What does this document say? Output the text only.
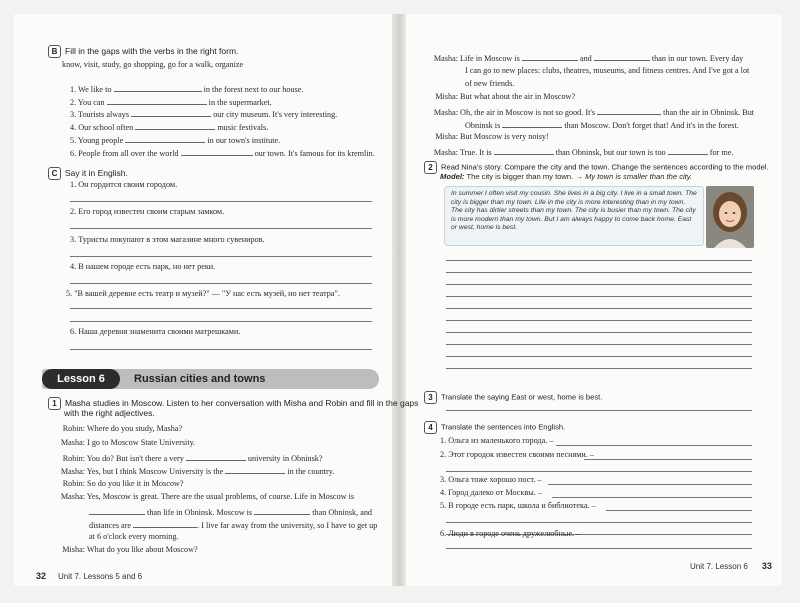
B Fill in the gaps with the verbs in the right form.
know, visit, study, go shopping, go for a walk, organize
1. We like to	in the forest next to our house.
2. You can	in the supermarket.
3. Tourists always	our city museum. It's very interesting.
4. Our school often	music festivals.
5. Young people	in our town's institute.
6. People from all over the world	our town. It's famous for its kremlin.
C Say it in English.
1. Он гордится своим городом.
2. Его город известен своим старым замком.
3. Туристы покупают в этом магазине много сувениров.
4. В нашем городе есть парк, но нет реки.
5. "В вашей деревне есть театр и музей?" — "У нас есть музей, но нет театра".
6. Наша деревня знаменита своими матрешками.
Lesson 6	Russian cities and towns
1 Masha studies in Moscow. Listen to her conversation with Misha and Robin and fill in the gaps
with the right adjectives.
Robin: Where do you study, Masha?
Masha: I go to Moscow State University.
Robin: You do? But isn't there a very	university in Obninsk?
Masha: Yes, but I think Moscow University is the	in the country.
Robin: So do you like it in Moscow?
Masha: Yes, Moscow is great. There are the usual problems, of course. Life in Moscow is
than life in Obninsk. Moscow is	than Obninsk, and
distances are	. I live far away from the university, so I have to get up
at 6 o'clock every morning.
Misha: What do you like about Moscow?
32 Unit 7. Lessons 5 and 6
Masha: Life in Moscow is	and	than in our town. Every day
I can go to new places: clubs, theatres, museums, and fitness centres. And I've got a lot
of new friends.
Misha: But what about the air in Moscow?
Masha: Oh, the air in Moscow is not so good. It's	than the air in Obninsk. But
Obninsk is	than Moscow. Don't forget that! And it's in the forest.
Misha: But Moscow is very noisy!
Masha: True. It is	than Obninsk, but our town is too	for me.
2 Read Nina's story. Compare the city and the town. Change the sentences according to the model.
Model: The city is bigger than my town. → My town is smaller than the city.
In summer I often visit my cousin. She lives in a big city. I live in a small town. The city is bigger than my town. Life in the city is more interesting than in my town. The city has dirtier streets than my town. The city is busier than my town. The city is more modern than my town. But I am always happy to come back home. East or west, home is best.
3 Translate the saying East or west, home is best.
4 Translate the sentences into English.
1. Ольга из маленького города. –
2. Этот городок известен своими песнями. –
3. Ольга тоже хорошо пост. –
4. Город далеко от Москвы. –
5. В городе есть парк, школа и библиотека. –
6. Люди в городе очень дружелюбные. –
Unit 7. Lesson 6 33
